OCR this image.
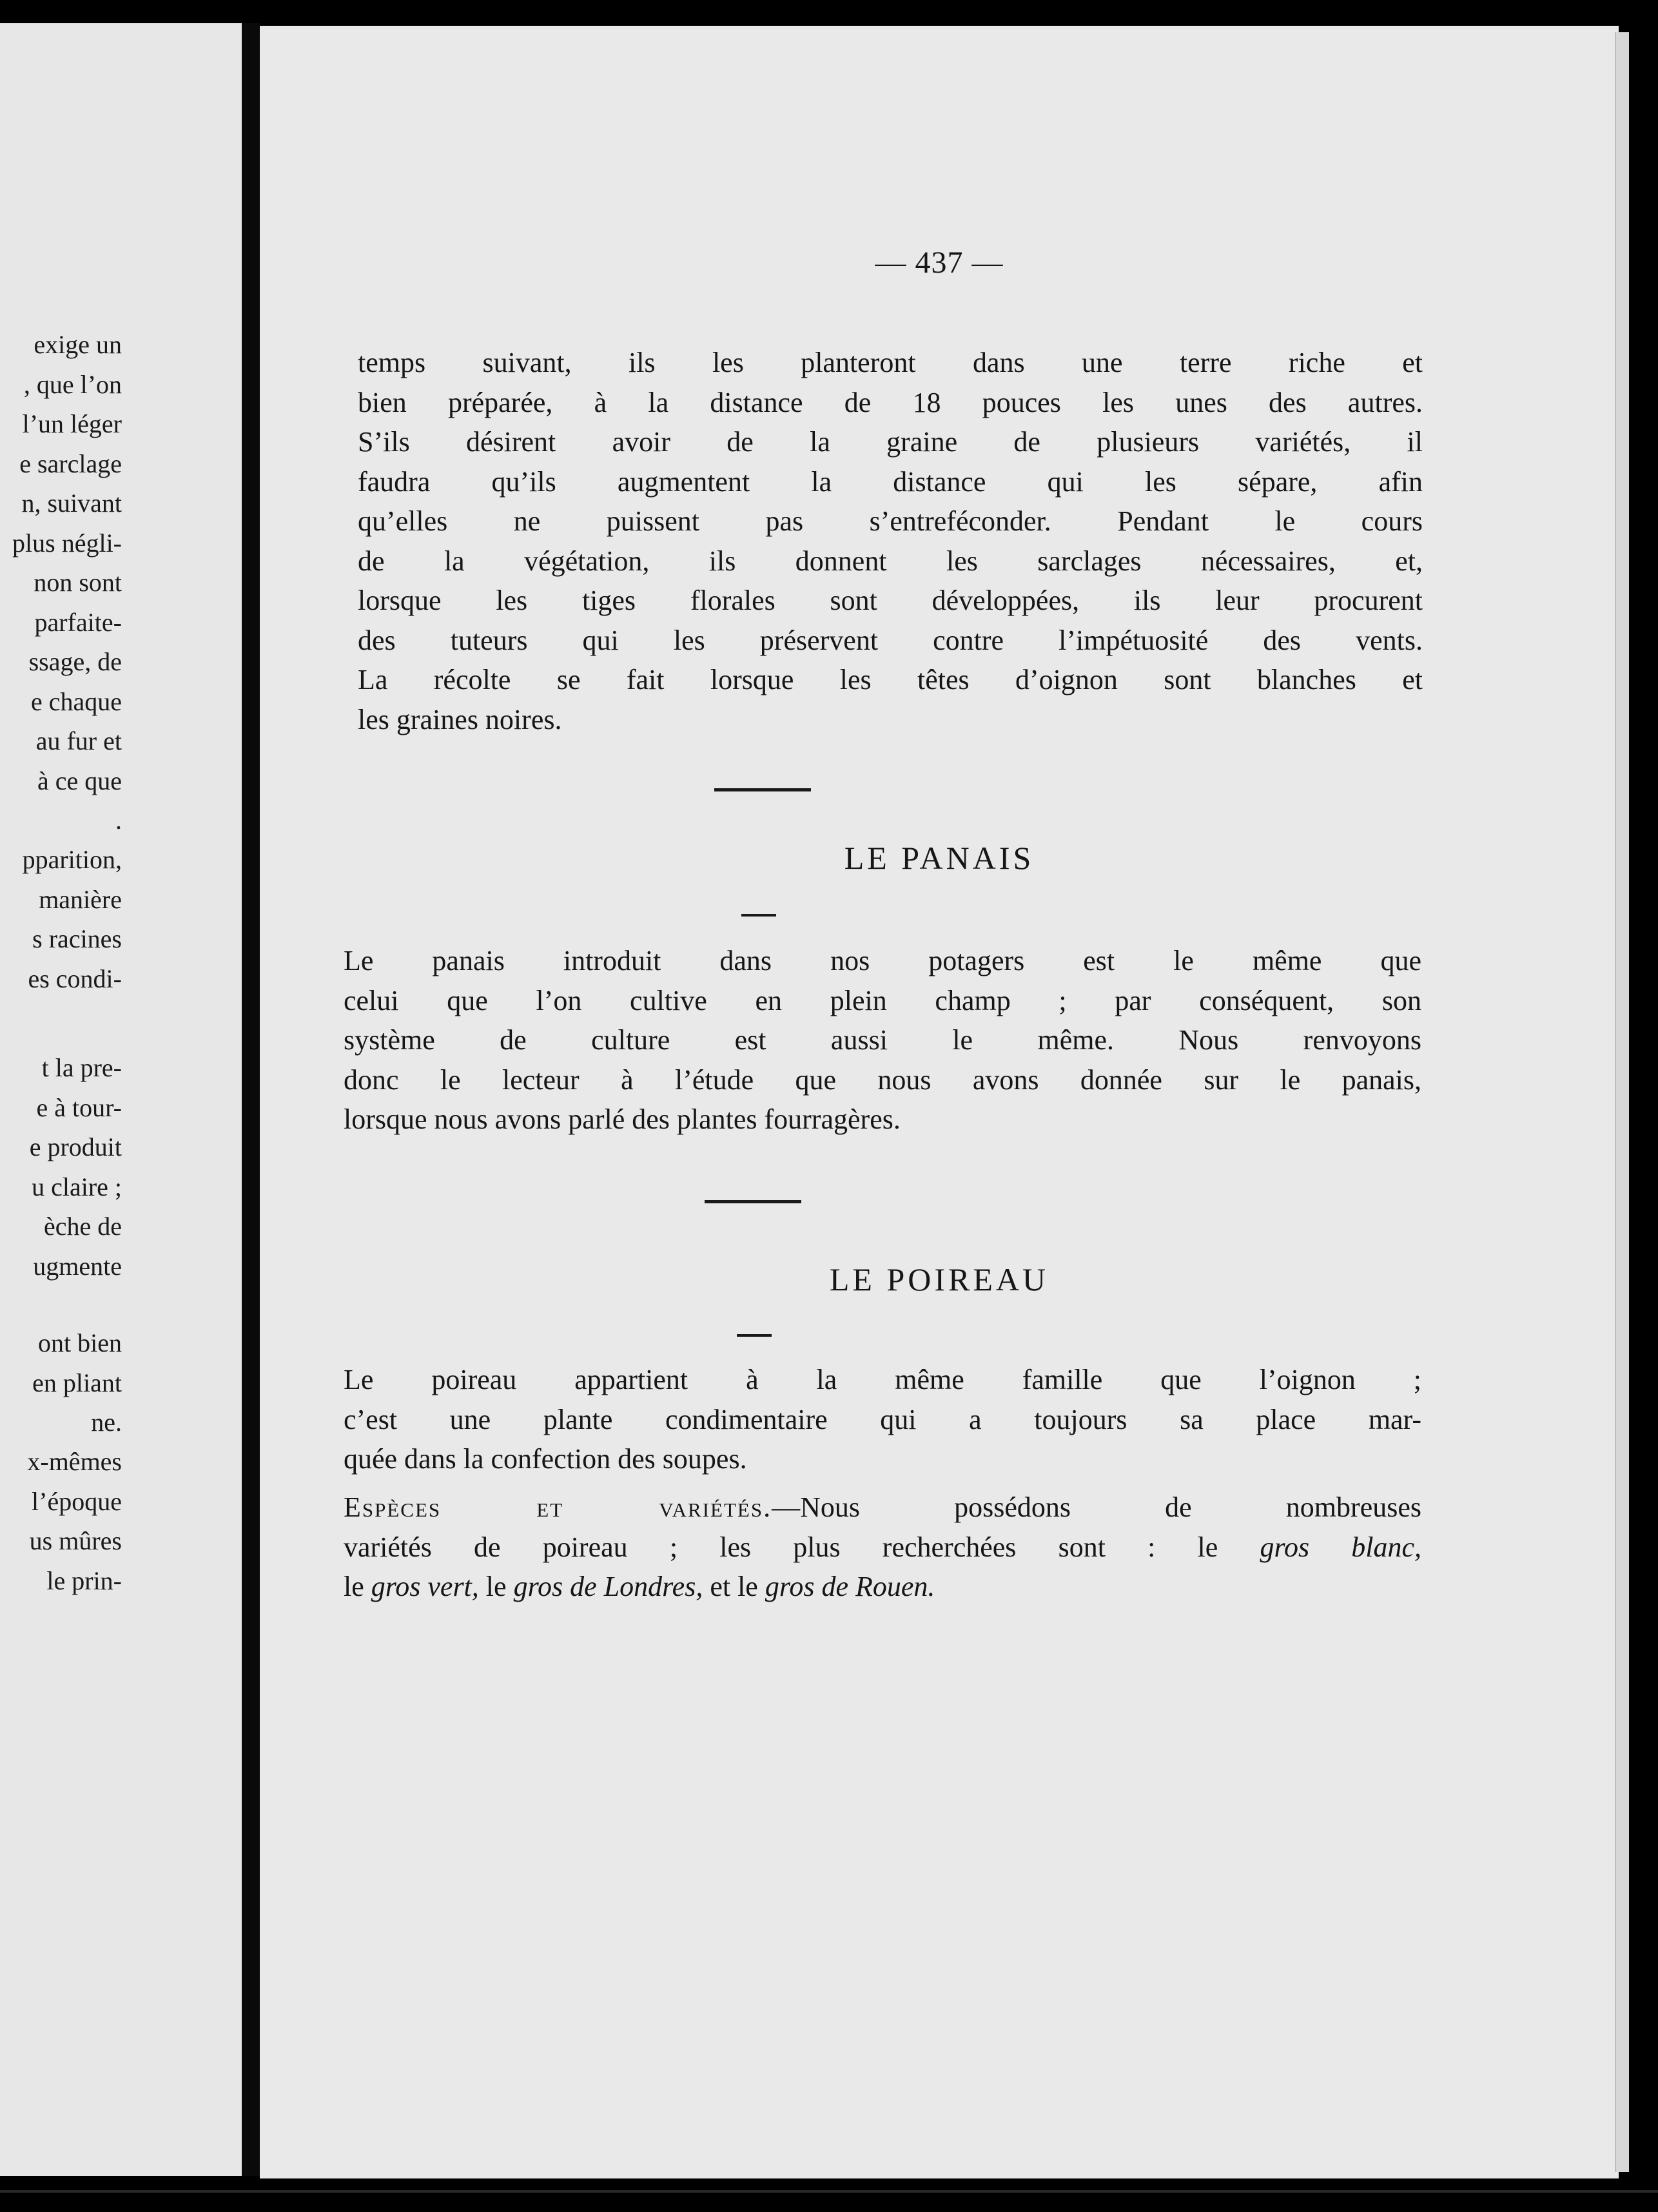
exige un
, que l’on
l’un léger
e sarclage
n, suivant
plus négli-
non sont
parfaite-
ssage, de
e chaque
au fur et
à ce que
.
pparition,
manière
s racines
es condi-
t la pre-
e à tour-
e produit
u claire ;
èche de
ugmente
ont bien
en pliant
ne.
x-mêmes
l’époque
us mûres
le prin-
— 437 —

temps suivant, ils les planteront dans une terre riche et
bien préparée, à la distance de 18 pouces les unes des autres.
S’ils désirent avoir de la graine de plusieurs variétés, il
faudra qu’ils augmentent la distance qui les sépare, afin
qu’elles ne puissent pas s’entreféconder. Pendant le cours
de la végétation, ils donnent les sarclages nécessaires, et,
lorsque les tiges florales sont développées, ils leur procurent
des tuteurs qui les préservent contre l’impétuosité des vents.
La récolte se fait lorsque les têtes d’oignon sont blanches et
les graines noires.

LE PANAIS

Le panais introduit dans nos potagers est le même que
celui que l’on cultive en plein champ ; par conséquent, son
système de culture est aussi le même. Nous renvoyons
donc le lecteur à l’étude que nous avons donnée sur le panais,
lorsque nous avons parlé des plantes fourragères.

LE POIREAU

Le poireau appartient à la même famille que l’oignon ;
c’est une plante condimentaire qui a toujours sa place mar-
quée dans la confection des soupes.

Espèces et variétés.—Nous possédons de nombreuses
variétés de poireau ; les plus recherchées sont : le gros blanc,
le gros vert, le gros de Londres, et le gros de Rouen.
